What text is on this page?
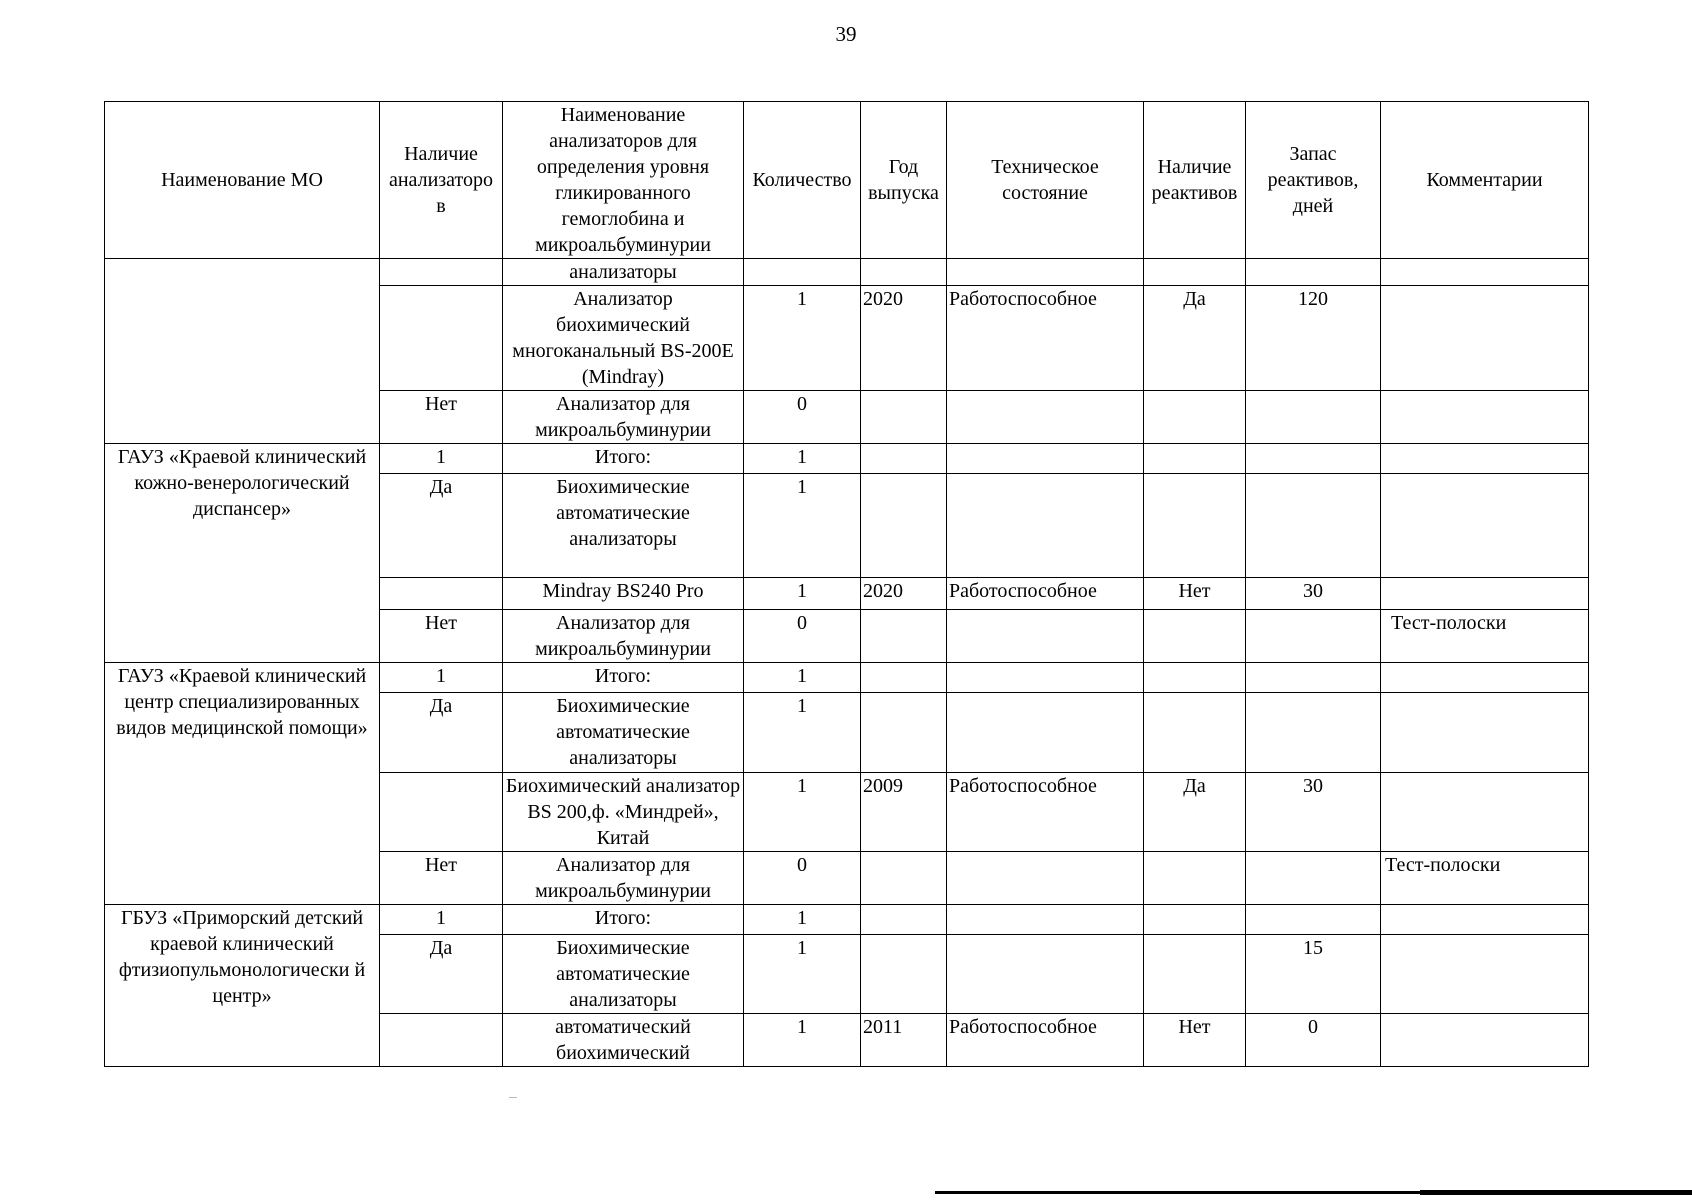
39
Наименование МО	Наличие анализаторо в	Наименование анализаторов для определения уровня гликированного гемоглобина и микроальбуминурии	Количество	Год выпуска	Техническое состояние	Наличие реактивов	Запас реактивов, дней	Комментарии
		анализаторы						
		Анализатор биохимический многоканальный BS-200E (Mindray)	1	2020	Работоспособное	Да	120	
	Нет	Анализатор для микроальбуминурии	0					
ГАУЗ «Краевой клинический кожно-венерологический диспансер»	1	Итого:	1					
	Да	Биохимические автоматические анализаторы	1					
		Mindray BS240 Pro	1	2020	Работоспособное	Нет	30	
	Нет	Анализатор для микроальбуминурии	0					Тест-полоски
ГАУЗ «Краевой клинический центр специализированных видов медицинской помощи»	1	Итого:	1					
	Да	Биохимические автоматические анализаторы	1					
		Биохимический анализатор BS 200,ф. «Миндрей», Китай	1	2009	Работоспособное	Да	30	
	Нет	Анализатор для микроальбуминурии	0					Тест-полоски
ГБУЗ «Приморский детский краевой клинический фтизиопульмонологически й центр»	1	Итого:	1					
	Да	Биохимические автоматические анализаторы	1				15	
		автоматический биохимический	1	2011	Работоспособное	Нет	0	
